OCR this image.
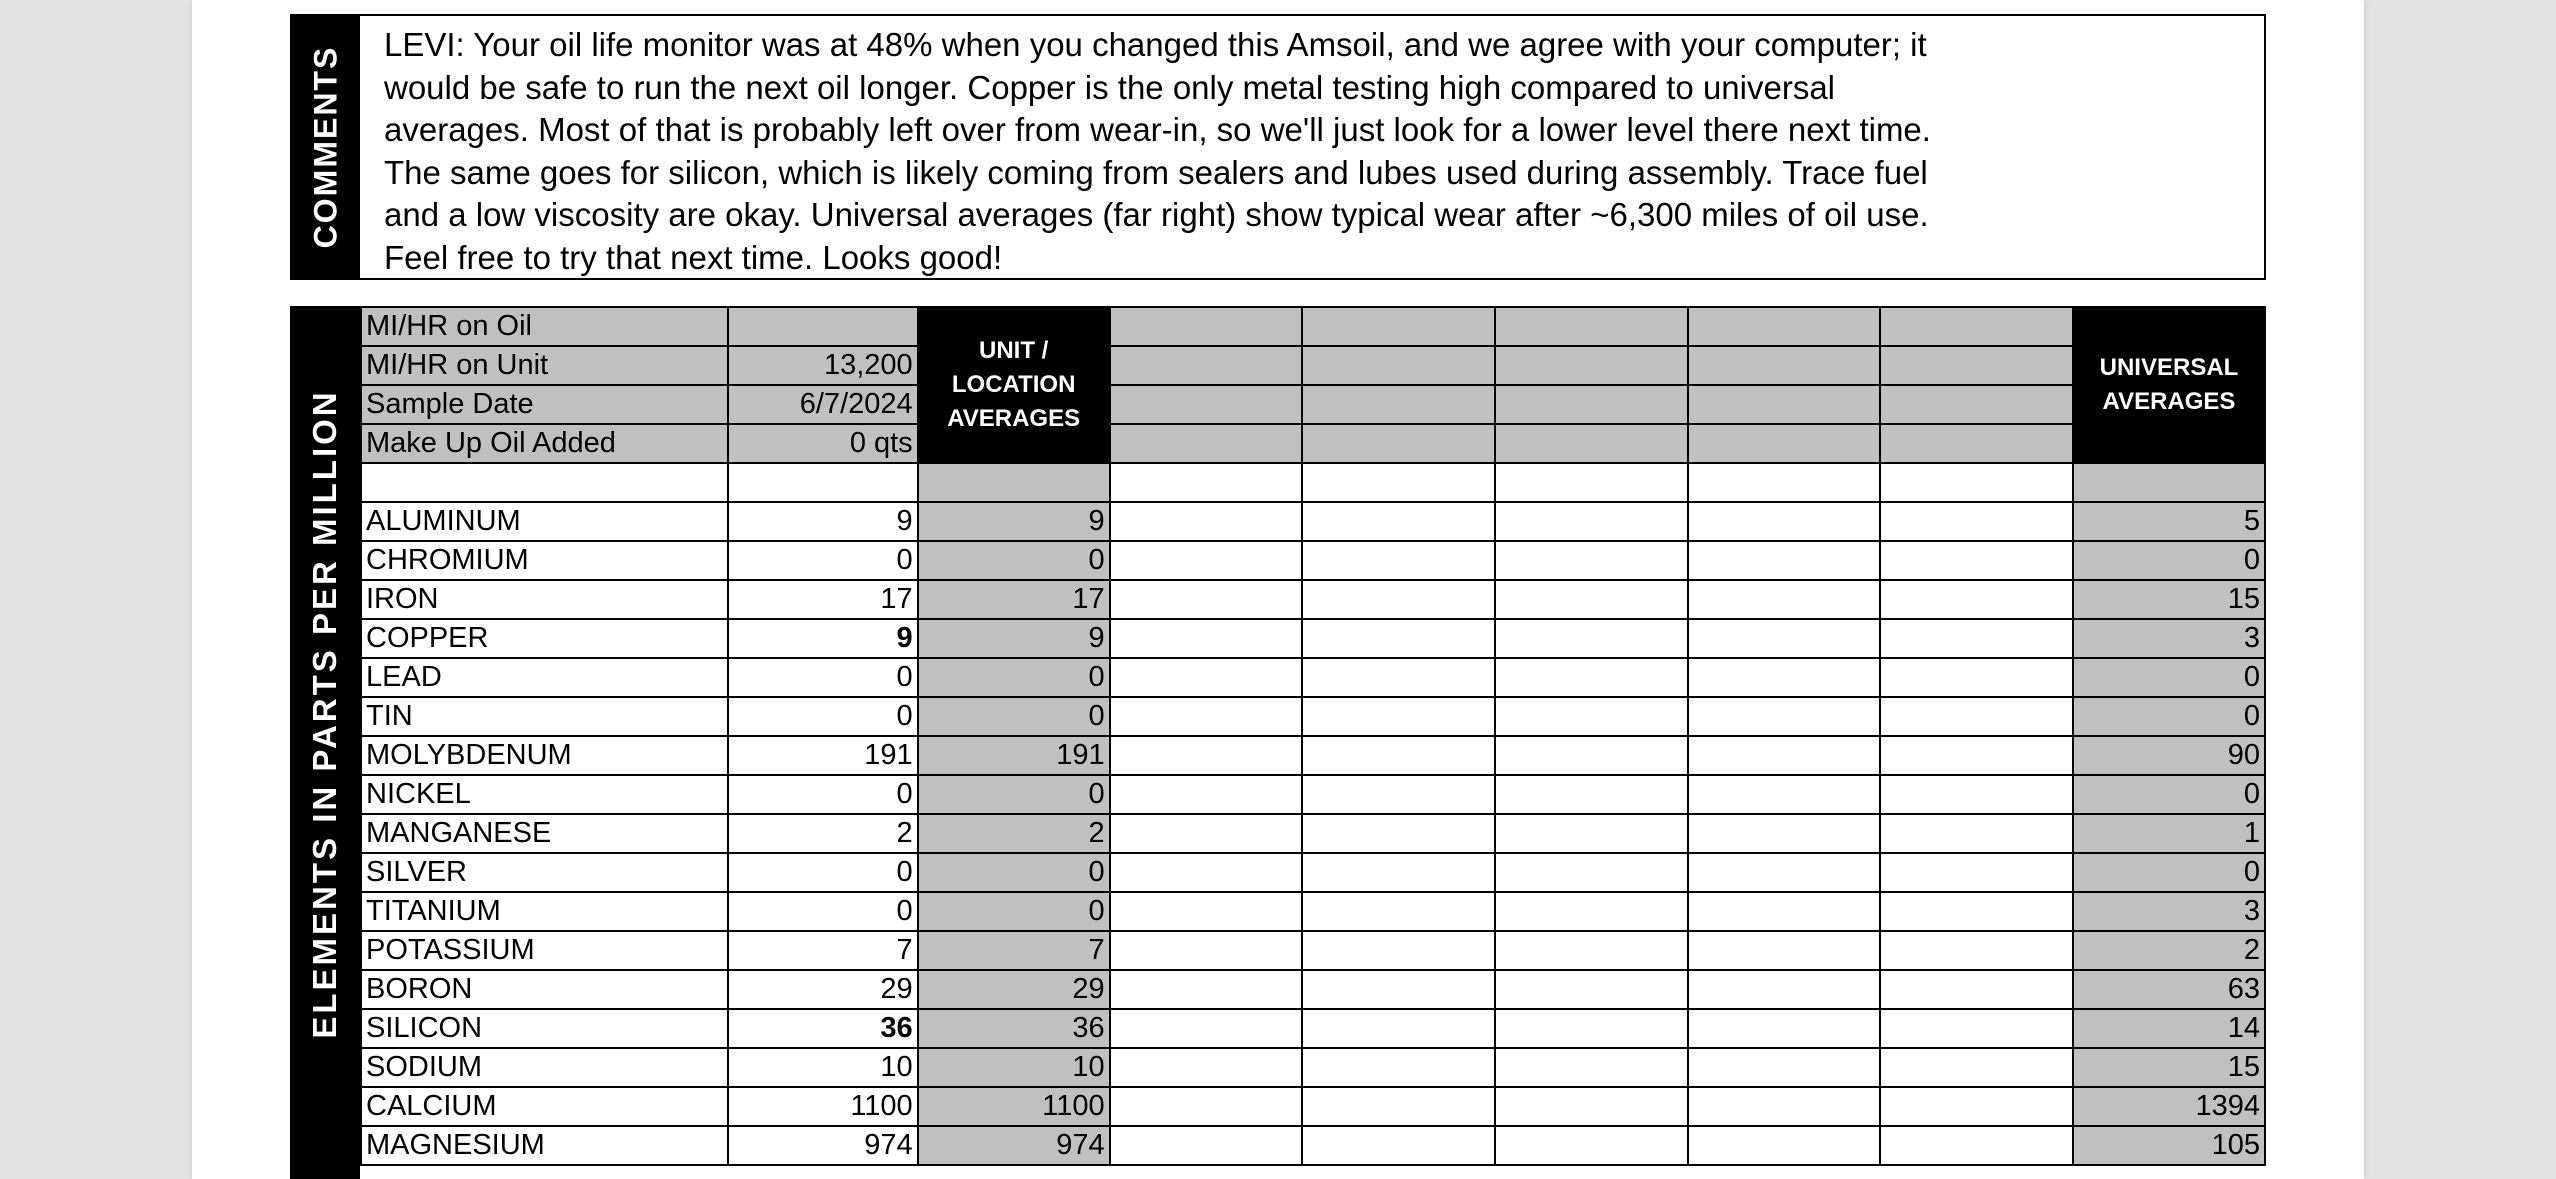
COMMENTS
LEVI: Your oil life monitor was at 48% when you changed this Amsoil, and we agree with your computer; it
would be safe to run the next oil longer. Copper is the only metal testing high compared to universal
averages. Most of that is probably left over from wear-in, so we'll just look for a lower level there next time.
The same goes for silicon, which is likely coming from sealers and lubes used during assembly. Trace fuel
and a low viscosity are okay. Universal averages (far right) show typical wear after ~6,300 miles of oil use.
Feel free to try that next time. Looks good!
ELEMENTS IN PARTS PER MILLION
MI/HR on Oil		UNIT / LOCATION AVERAGES						UNIVERSAL AVERAGES

MI/HR on Unit	13,200							
Sample Date	6/7/2024							
Make Up Oil Added	0 qts							

ALUMINUM	9	9						5
CHROMIUM	0	0						0
IRON	17	17						15
COPPER	9	9						3
LEAD	0	0						0
TIN	0	0						0
MOLYBDENUM	191	191						90
NICKEL	0	0						0
MANGANESE	2	2						1
SILVER	0	0						0
TITANIUM	0	0						3
POTASSIUM	7	7						2
BORON	29	29						63
SILICON	36	36						14
SODIUM	10	10						15
CALCIUM	1100	1100						1394
MAGNESIUM	974	974						105
